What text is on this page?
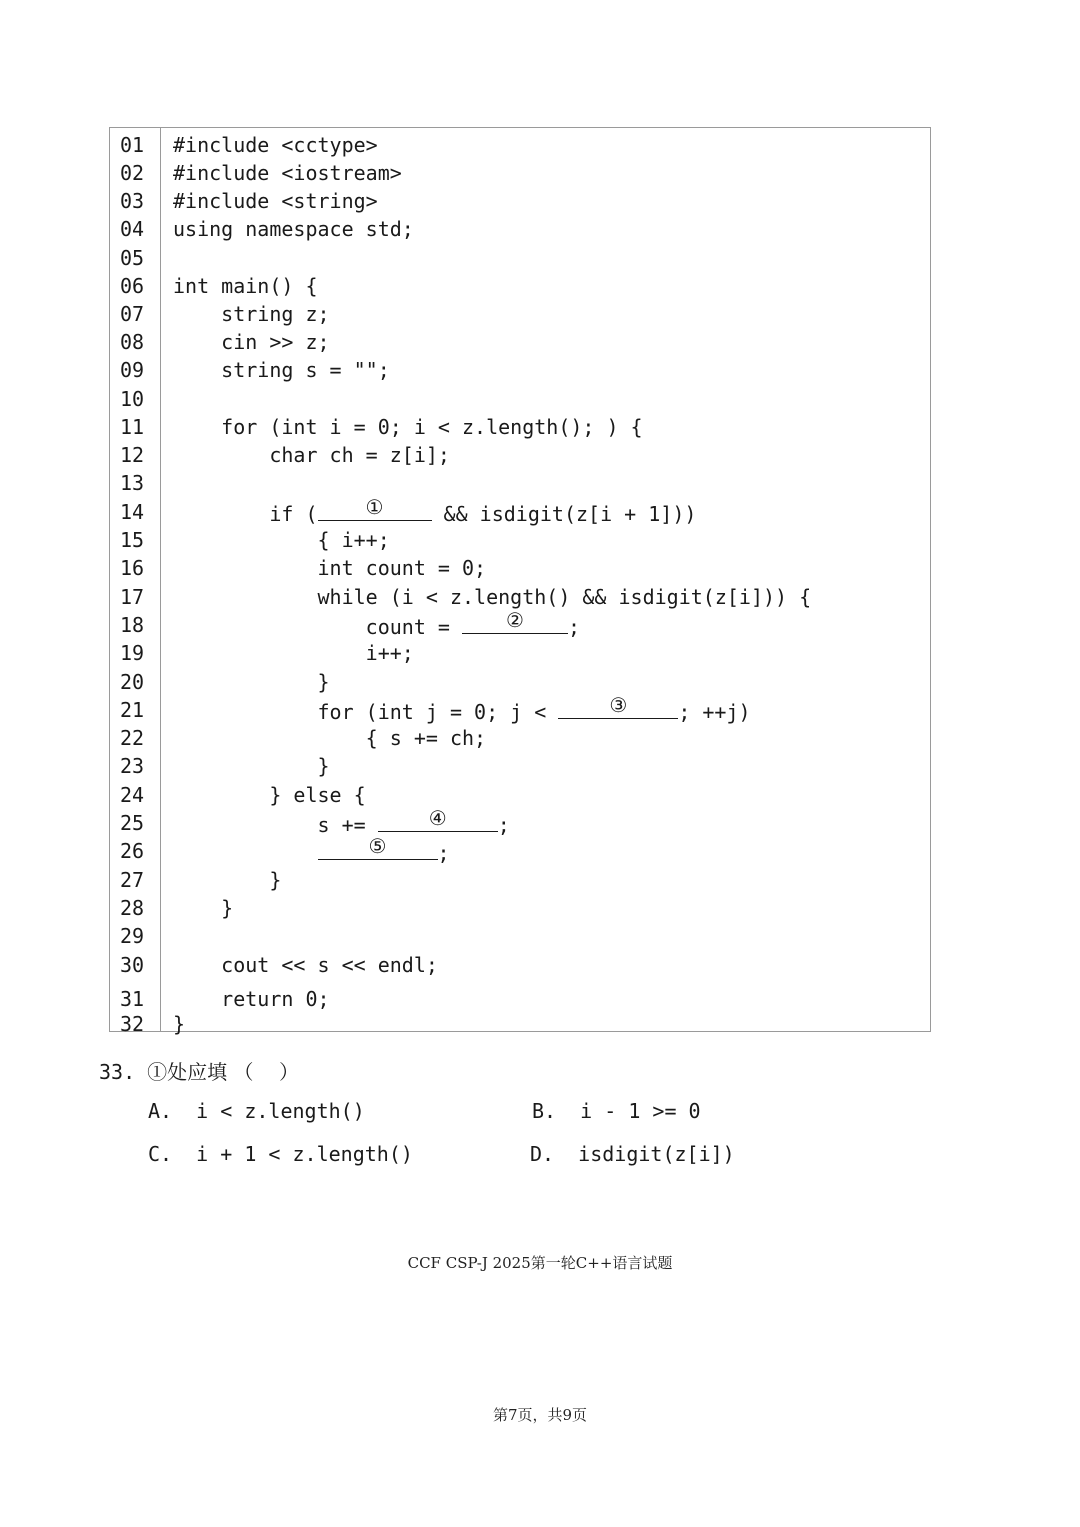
01 #include <cctype>
02 #include <iostream>
03 #include <string>
04 using namespace std;
05
06 int main() {
07 string z;
08 cin >> z;
09 string s = "";
10
11 for (int i = 0; i < z.length(); ) {
12 char ch = z[i];
13
14 if (	①	&& isdigit(z[i + 1]))
15 { i++;
16 int count = 0;
17 while (i < z.length() && isdigit(z[i])) {
18 count =	②	;
19 i++;
20 }
21 for (int j = 0; j <	③	; ++j)
22 { s += ch;
23 }
24 } else {
25 s +=	④	;
26
	⑤	;
27 }
28 }
29
30 cout << s << endl;
31 return 0;
32 }
33. ①处应填 （    ）
A.  i < z.length()	B.  i - 1 >= 0
C.  i + 1 < z.length()	D.  isdigit(z[i])
CCF CSP-J 2025第一轮C++语言试题
第7页，共9页
